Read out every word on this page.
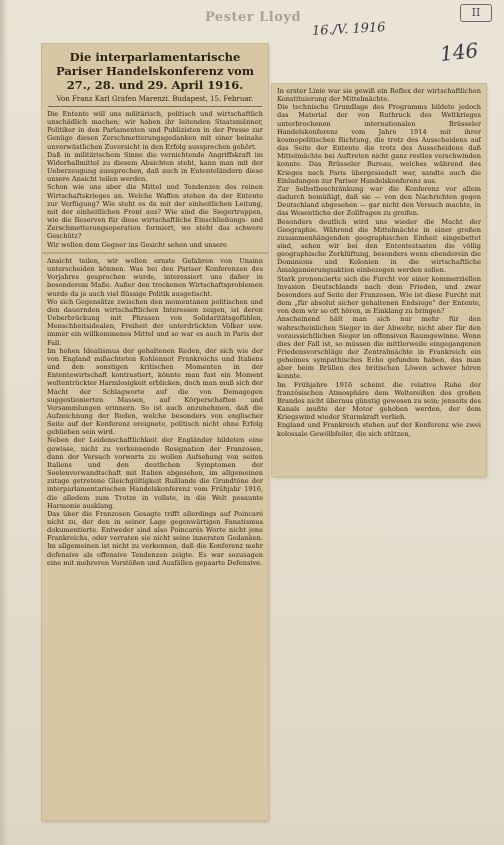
Pester Lloyd
16./V. 1916
146
II
Die interparlamentarische Pariser Handelskonferenz vom 27., 28. und 29. April 1916.
Von Franz Karl Grafen Marenzi. Budapest, 15. Februar.
Die Entente will uns militärisch, politisch und wirtschaftlich unschädlich machen; wir haben ihr leitenden Staatsmänner, Politiker in den Parlamenten und Publizisten in der Presse zur Genüge diesen Zerschmetterungsgedanken mit einer beinahe unverwüstlichen Zuversicht in den Erfolg aussprechen gehört.
Daß in militärischem Sinne die vernichtende Angriffskraft im Widerhallmittel zu diesem Absichten steht, kann man mit der Ueberzeugung aussprechen, daß auch in Ententeländern diese unsere Ansicht teilen werden.
Schon wie uns aber die Mittel und Tendenzen des reinen Wirtschaftskrieges an. Welche Waffen stehen da der Entente zur Verfügung? Wie steht es da mit der einheitlichen Leitung, mit der einheitlichen Front aus? Wie sind die Siegertruppen, wie die Reserven für diese wirtschaftliche Einschließungs- und Zerschmetterungsoperation formiert, wo steht das schwere Geschütz?
Wir wollen dem Gegner ins Gesicht sehen und unsere
Ansicht teilen, wir wollen ernste Gefahren von Unsinn unterscheiden können. Was bei den Pariser Konferenzen des Vorjahres gesprochen wurde, interessiert uns daher in besonderem Maße. Außer den trockenen Wirtschaftsproblemen wurde da ja auch viel flüssige Politik ausgetischt.
Wo sich Gegensätze zwischen den momentanen politischen und den dauernden wirtschaftlichen Interessen zeigen, ist deren Ueberbrückung mit Phrasen von Solidaritätsgefühlen, Menschheitsidealen, Freiheit der unterdrückten Völker usw. immer ein willkommenes Mittel und so war es auch in Paris der Fall.
Im hohen Idealismus der gehaltenen Reden, der sich wie der von England mißachteten Kohlennot Frankreichs und Italiens und den sonstigen kritischen Momenten in der Ententewirtschaft kontrastiert, könnte man fast ein Moment weltentrückter Harmlosigkeit erblicken, doch man muß sich der Macht der Schlagworte auf die von Demagogen suggestionierten Massen, auf Körperschaften und Versammlungen erinnern. So ist auch anzunehmen, daß die Aufzeichnung der Reden, welche besonders von englischer Seite auf der Konferenz ereignete, politisch nicht ohne Erfolg geblieben sein wird.
Neben der Leidenschaftlichkeit der Engländer bildeten eine gewisse, nicht zu verkennende Resignation der Franzosen, dann der Versuch vorwarts zu wollen Aufsehung von seiten Italiens und den deutlichen Symptomen der Seelenverwandtschaft mit Italien abgesehen, im allgemeinen zutage getretene Gleichgültigkeit Rußlands die Grundtöne der interparlamentarischen Handelskonferenz vom Frühjahr 1916, die alledem zum Trotze in vollste, in die Welt posaunte Harmonie ausklang.
Das über die Franzosen Gesagte trifft allerdings auf Poincaré nicht zu, der den in seiner Lage gegenwärtigen Fanatismus dokumentierte. Entweder sind also Poincarés Worte nicht jene Frankreichs, oder verraten sie nicht seine innersten Gedanken. Im allgemeinen ist nicht zu verkennen, daß die Konferenz mehr defensive als offensive Tendenzen zeigte. Es war sozusagen eine mit mehreren Vorstößen und Ausfällen gepaarte Defensive.
In erster Linie war sie gewiß ein Reflex der wirtschaftlichen Konstituierung der Mittelmächte.
Die technische Grundlage des Programms bildete jedoch das Material der von Ruthruck des Weltkrieges unterbrochenen internationalen Brüsseler Handelskonferenz vom Jahre 1914 mit ihrer kosmopolitischen Richtung, die trotz des Ausscheidens auf das Seite der Entente die trotz des Ausscheidens daß Mittelmächte bei Auftreten nicht ganz restlos verschwinden konnte. Das Brüsseler Bureau, welches während des Krieges nach Paris übergesiedelt war, sandte auch die Einladungen zur Pariser Handelskonferenz aus.
Zur Selbstbeschränkung war die Konferenz vor allem dadurch bemüßigt, daß sie — von den Nachrichten gegen Deutschland abgesehen — gar nicht den Versuch machte, in das Wesentliche der Zollfragen zu greifen.
Besonders deutlich wird uns wieder die Macht der Geographie. Während die Mittelmächte in einer großen zusammenhängenden geographischen Einheit eingebettet sind, sehen wir bei den Ententestaaten die völlig geographische Zerklüftung, besonders wenn ebenderein die Dominions und Kolonien in die wirtschaftliche Amalgamierungsaktion einbezogen werden sollen.
Stark prononcierte sich die Furcht vor einer kommerziellen Invasion Deutschlands nach dem Frieden, und zwar besonders auf Seite der Franzosen. Wie ist diese Furcht mit dem „für absolut sicher gehaltenen Endsiege" der Entente, von dem wir so oft hören, in Einklang zu bringen?
Anscheinend hält man sich nur mehr für den wahrscheinlichen Sieger in der Abwehr, nicht aber für den voraussichtlichen Sieger im offensiven Raumgewinne. Wenn dies der Fall ist, so müssen die mittlerweile eingegangenen Friedensvorschläge der Zentralmächte in Frankreich ein geheimes sympathisches Echo gefunden haben, das man aber beim Brüllen des britischen Löwen schwer hören konnte.
Im Frühjahre 1916 scheint die relative Ruhe der französischen Atmosphäre dem Weltereißen des großen Brandes nicht überaus günstig gewesen zu sein; jenseits des Kanals mußte der Motor gehoben werden, der dem Kriegswind wieder Sturmkraft verlieh.
England und Frankreich stehen auf der Konferenz wie zwei kolossale Gewölbfeiler, die sich stützen,
